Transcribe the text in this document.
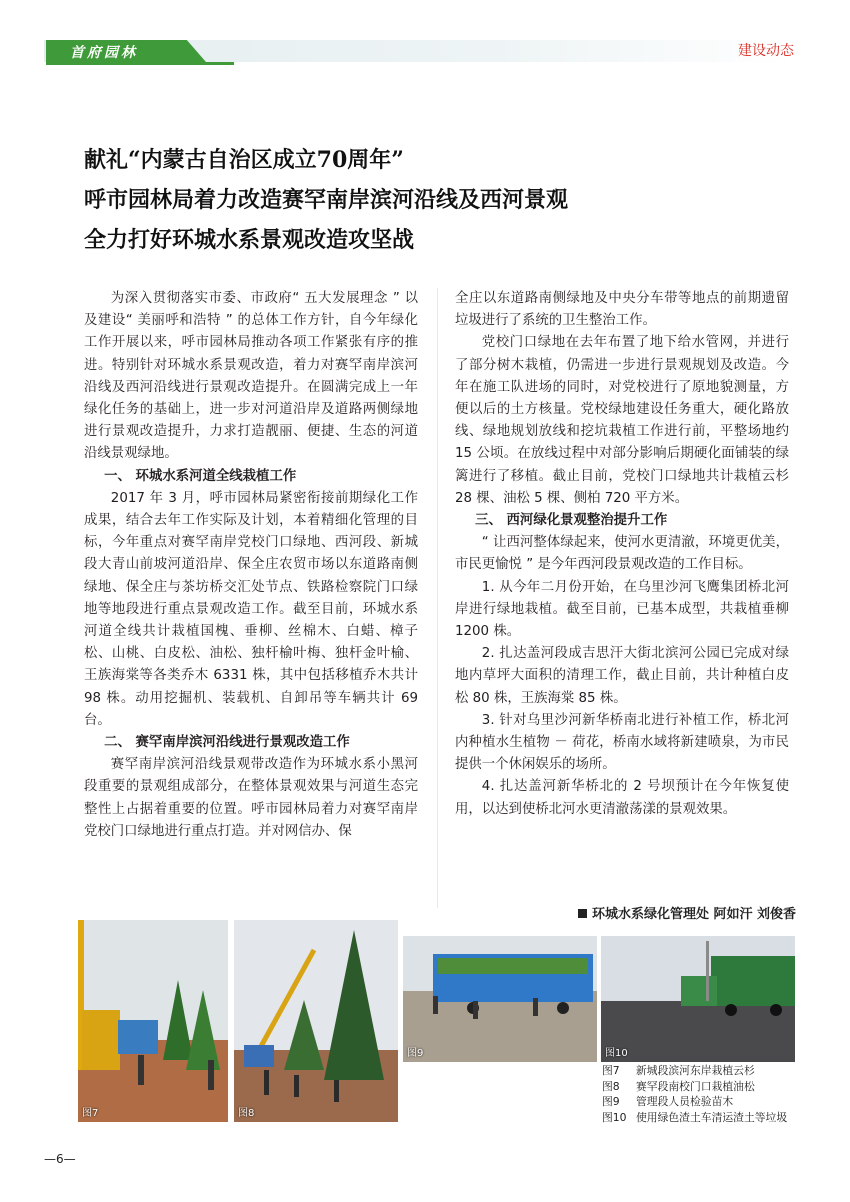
首府园林	建设动态
献礼“内蒙古自治区成立70周年”
呼市园林局着力改造赛罕南岸滨河沿线及西河景观
全力打好环城水系景观改造攻坚战

为深入贯彻落实市委、市政府“ 五大发展理念 ” 以及建设“ 美丽呼和浩特 ” 的总体工作方针，自今年绿化工作开展以来，呼市园林局推动各项工作紧张有序的推进。特别针对环城水系景观改造，着力对赛罕南岸滨河沿线及西河沿线进行景观改造提升。在圆满完成上一年绿化任务的基础上，进一步对河道沿岸及道路两侧绿地进行景观改造提升，力求打造靓丽、便捷、生态的河道沿线景观绿地。

一、 环城水系河道全线栽植工作

2017 年 3 月，呼市园林局紧密衔接前期绿化工作成果，结合去年工作实际及计划，本着精细化管理的目标，今年重点对赛罕南岸党校门口绿地、西河段、新城段大青山前坡河道沿岸、保全庄农贸市场以东道路南侧绿地、保全庄与茶坊桥交汇处节点、铁路检察院门口绿地等地段进行重点景观改造工作。截至目前，环城水系河道全线共计栽植国槐、垂柳、丝棉木、白蜡、樟子松、山桃、白皮松、油松、独杆榆叶梅、独杆金叶榆、王族海棠等各类乔木 6331 株，其中包括移植乔木共计 98 株。动用挖掘机、装载机、自卸吊等车辆共计 69 台。

二、 赛罕南岸滨河沿线进行景观改造工作

赛罕南岸滨河沿线景观带改造作为环城水系小黑河段重要的景观组成部分，在整体景观效果与河道生态完整性上占据着重要的位置。呼市园林局着力对赛罕南岸党校门口绿地进行重点打造。并对网信办、保

全庄以东道路南侧绿地及中央分车带等地点的前期遗留垃圾进行了系统的卫生整治工作。

党校门口绿地在去年布置了地下给水管网，并进行了部分树木栽植，仍需进一步进行景观规划及改造。今年在施工队进场的同时，对党校进行了原地貌测量，方便以后的土方核量。党校绿地建设任务重大，硬化路放线、绿地规划放线和挖坑栽植工作进行前，平整场地约 15 公顷。在放线过程中对部分影响后期硬化面铺装的绿篱进行了移植。截止目前，党校门口绿地共计栽植云杉 28 棵、油松 5 棵、侧柏 720 平方米。

三、 西河绿化景观整治提升工作

“ 让西河整体绿起来，使河水更清澈，环境更优美，市民更愉悦 ” 是今年西河段景观改造的工作目标。

1. 从今年二月份开始，在乌里沙河飞鹰集团桥北河岸进行绿地栽植。截至目前，已基本成型，共栽植垂柳 1200 株。

2. 扎达盖河段成吉思汗大街北滨河公园已完成对绿地内草坪大面积的清理工作，截止目前，共计种植白皮松 80 株，王族海棠 85 株。

3. 针对乌里沙河新华桥南北进行补植工作，桥北河内种植水生植物 － 荷花，桥南水域将新建喷泉，为市民提供一个休闲娱乐的场所。

4. 扎达盖河新华桥北的 2 号坝预计在今年恢复使用，以达到使桥北河水更清澈荡漾的景观效果。

环城水系绿化管理处 阿如汗 刘俊香
图7	图8
图9	图10
图7 新城段滨河东岸栽植云杉
图8 赛罕段南校门口栽植油松
图9 管理段人员检验苗木
图10 使用绿色渣土车清运渣土等垃圾
—6—
